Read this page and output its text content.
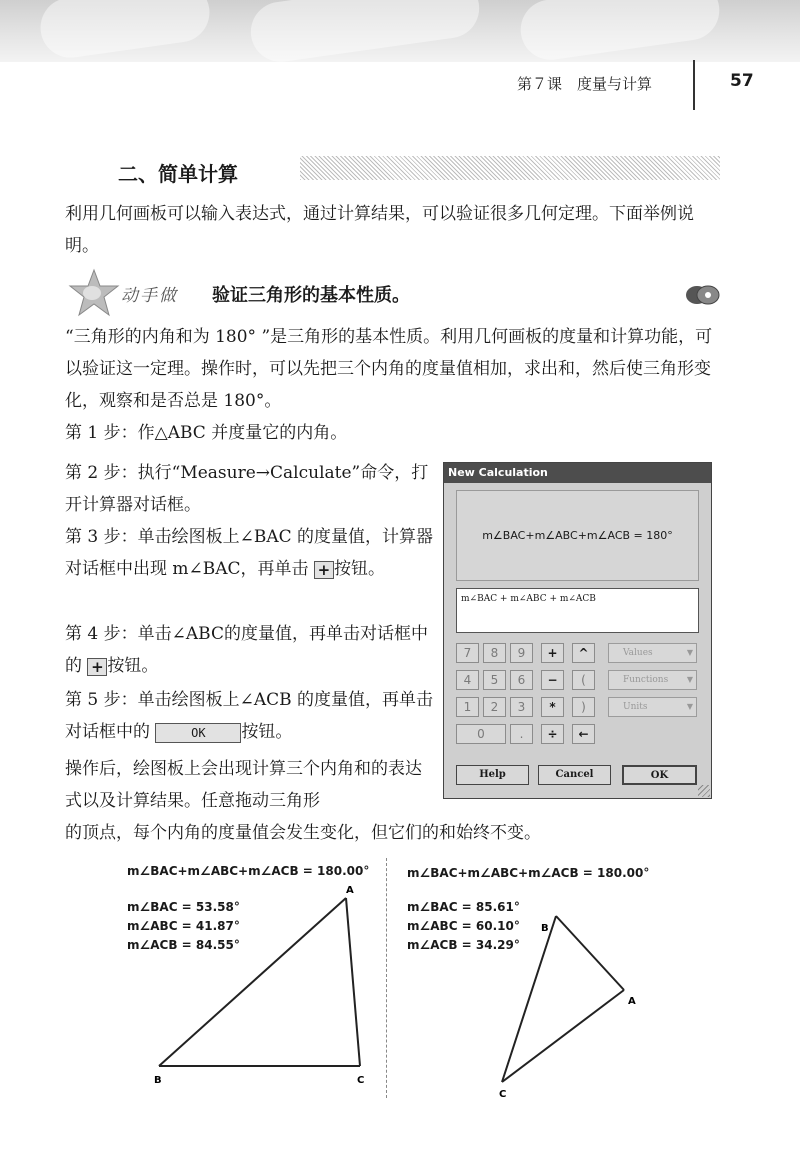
第７课　度量与计算	57
二、简单计算

利用几何画板可以输入表达式，通过计算结果，可以验证很多几何定理。下面举例说明。

动手做 验证三角形的基本性质。

“三角形的内角和为 180° ”是三角形的基本性质。利用几何画板的度量和计算功能，可以验证这一定理。操作时，可以先把三个内角的度量值相加，求出和，然后使三角形变化，观察和是否总是 180°。

第 1 步：作△ABC 并度量它的内角。

第 2 步：执行“Measure→Calculate”命令，打开计算器对话框。

第 3 步：单击绘图板上∠BAC 的度量值，计算器对话框中出现 m∠BAC，再单击 + 按钮。

第 4 步：单击∠ABC的度量值，再单击对话框中的 + 按钮。

第 5 步：单击绘图板上∠ACB 的度量值，再单击对话框中的	OK 按钮。

操作后，绘图板上会出现计算三个内角和的表达式以及计算结果。任意拖动三角形

的顶点，每个内角的度量值会发生变化，但它们的和始终不变。

New Calculation
m∠BAC+m∠ABC+m∠ACB = 180°
m∠BAC + m∠ABC + m∠ACB
7	8	9	+	^
4	5	6	−	(
1	2	3	*	)
0	.	÷	←
Values	▼
Functions ▼
Units	▼
Help	Cancel	OK
m∠BAC+m∠ABC+m∠ACB = 180.00°
m∠BAC = 53.58°
m∠ABC = 41.87°
m∠ACB = 84.55°
m∠BAC+m∠ABC+m∠ACB = 180.00°
m∠BAC = 85.61°
m∠ABC = 60.10°
m∠ACB = 34.29°
A
B	C
A
B
C
